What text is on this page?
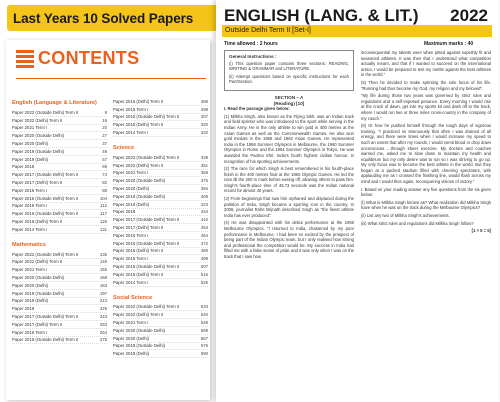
Last Years 10 Solved Papers
CONTENTS
English (Language & Literature)
Paper 2022 (Outside Delhi) Term II	9
Paper 2022 (Delhi) Term II	16
Paper 2021 Term I	20
Paper 2020 (Outside Delhi)	27
Paper 2020 (Delhi)	37
Paper 2019 (Outside Delhi)	49
Paper 2019 (Delhi)	57
Paper 2018	68
Paper 2017 (Outside Delhi) Term II	74
Paper 2017 (Delhi) Term II	82
Paper 2016 Term I	88
Paper 2016 (Outside Delhi) Term II	104
Paper 2016 Term I	112
Paper 2016 (Outside Delhi) Term II	117
Paper 2016 (Delhi) Term II	126
Paper 2014 Term I	131
Mathematics
Paper 2022 (Outside Delhi) Term II	135
Paper 2022 (Delhi) Term II	146
Paper 2021 Term I	155
Paper 2020 (Outside Delhi)	168
Paper 2020 (Delhi)	183
Paper 2019 (Outside Delhi)	197
Paper 2019 (Delhi)	213
Paper 2018	229
Paper 2017 (Outside Delhi) Term II	243
Paper 2017 (Delhi) Term II	253
Paper 2016 Term I	264
Paper 2016 (Outside Delhi) Term II	275
Paper 2016 (Delhi) Term II	286
Paper 2015 Term I	299
Paper 2015 (Outside Delhi) Term II	307
Paper 2015 (Delhi) Term II	320
Paper 2014 Term I	332
Science
Paper 2022 (Outside Delhi) Term II	339
Paper 2022 (Delhi) Term II	351
Paper 2021 Term I	359
Paper 2020 (Outside Delhi)	375
Paper 2020 (Delhi)	394
Paper 2019 (Outside Delhi)	409
Paper 2019 (Delhi)	423
Paper 2018	434
Paper 2017 (Outside Delhi) Term II	442
Paper 2017 (Delhi) Term II	453
Paper 2016 Term I	464
Paper 2016 (Outside Delhi) Term II	472
Paper 2016 (Delhi) Term II	480
Paper 2015 Term I	499
Paper 2015 (Outside Delhi) Term II	507
Paper 2015 (Delhi) Term II	516
Paper 2014 Term I	525
Social Science
Paper 2022 (Outside Delhi) Term II	533
Paper 2022 (Delhi) Term II	540
Paper 2021 Term I	548
Paper 2020 (Outside Delhi)	559
Paper 2020 (Delhi)	567
Paper 2019 (Outside Delhi)	576
Paper 2019 (Delhi)	590
ENGLISH (LANG. & LIT.) 2022
Outside Delhi Term II [Set-I]
Time allowed : 2 hours	Maximum marks : 40
General Instructions :
(i) This question paper contains three sections: READING, WRITING & GRAMMAR and LITERATURE.
(ii) Attempt questions based on specific instructions for each Part/Section.
SECTION – A
(Reading) [10]
I. Read the passage given below:
(1) Milkha Singh, also known as the Flying Sikh, was an Indian track and field sprinter who was introduced to the sport while serving in the Indian Army. He is the only athlete to win gold in 400 metres at the Asian Games as well as the Commonwealth Games. He also won gold medals in the 1958 and 1962 Asian Games. He represented India in the 1956 Summer Olympics in Melbourne, the 1960 Summer Olympics in Rome and the 1964 Summer Olympics in Tokyo. He was awarded the Padma Shri, India's fourth highest civilian honour, in recognition of his sporting achievements.
(2) The race for which Singh is best remembered is his fourth-place finish in the 400 metres final at the 1960 Olympic Games. He led the race till the 200 m mark before easing off, allowing others to pass him. Singh's fourth-place time of 45.73 seconds was the Indian national record for almost 40 years.
(3) From beginnings that saw him orphaned and displaced during the partition of India, Singh became a sporting icon in the country. In 2008, journalist Rohit Brijnath described Singh as "the finest athlete India has ever produced".
(4) He was disappointed with his debut performance at the 1956 Melbourne Olympics. "I returned to India, chastened by my poor performance in Melbourne. I had been so excited by the prospect of being part of the Indian Olympic team, but I only realised how strong and professional the competition would be. My success in India had filled me with a false sense of pride and it was only when I was on the track that I saw how
inconsequential my talents were when pitted against superbly fit and seasoned athletes. It was then that I understood what competition actually meant, and that if I wanted to succeed on the international arena, I would be prepared to test my mettle against the best athletes in the world."
(5) Then he decided to make sprinting the sole focus of his life. "Running had thus become my God, my religion and my beloved".
"My life during those two years was governed by strict rules and regulations and a self-imposed penance. Every morning I would rise at the crack of dawn, get into my sports kit and dash off to the track, where I would run two or three miles cross-country in the company of my coach."
(6) Or how he pushed himself through the tough days of vigorous training. "I practiced so strenuously that often I was drained of all energy, and there were times when I would increase my speed to such an extent that after my rounds, I would vomit blood or drop down unconscious ...through sheer exercise. My doctors and coaches warned me, asked me to slow down to maintain my health and equilibrium but my only desire was to run so I was striving to go up. My only focus was to become the best athlete in the world. But they began at a packed stadium filled with cheering spectators, with applauding me as I crossed the finishing line, would flash across my mind and I would then again, reconquering visions of victory."
I. Based on your reading answer any five questions from the six given below:
(i) What is Milkha Singh known as? What realization did Milkha Singh have when he was on the track during the Melbourne Olympics?
(ii) List any two of Milkha Singh's achievements.
(iii) What strict rules and regulations did Milkha Singh follow?
[1 × 5 = 5]
